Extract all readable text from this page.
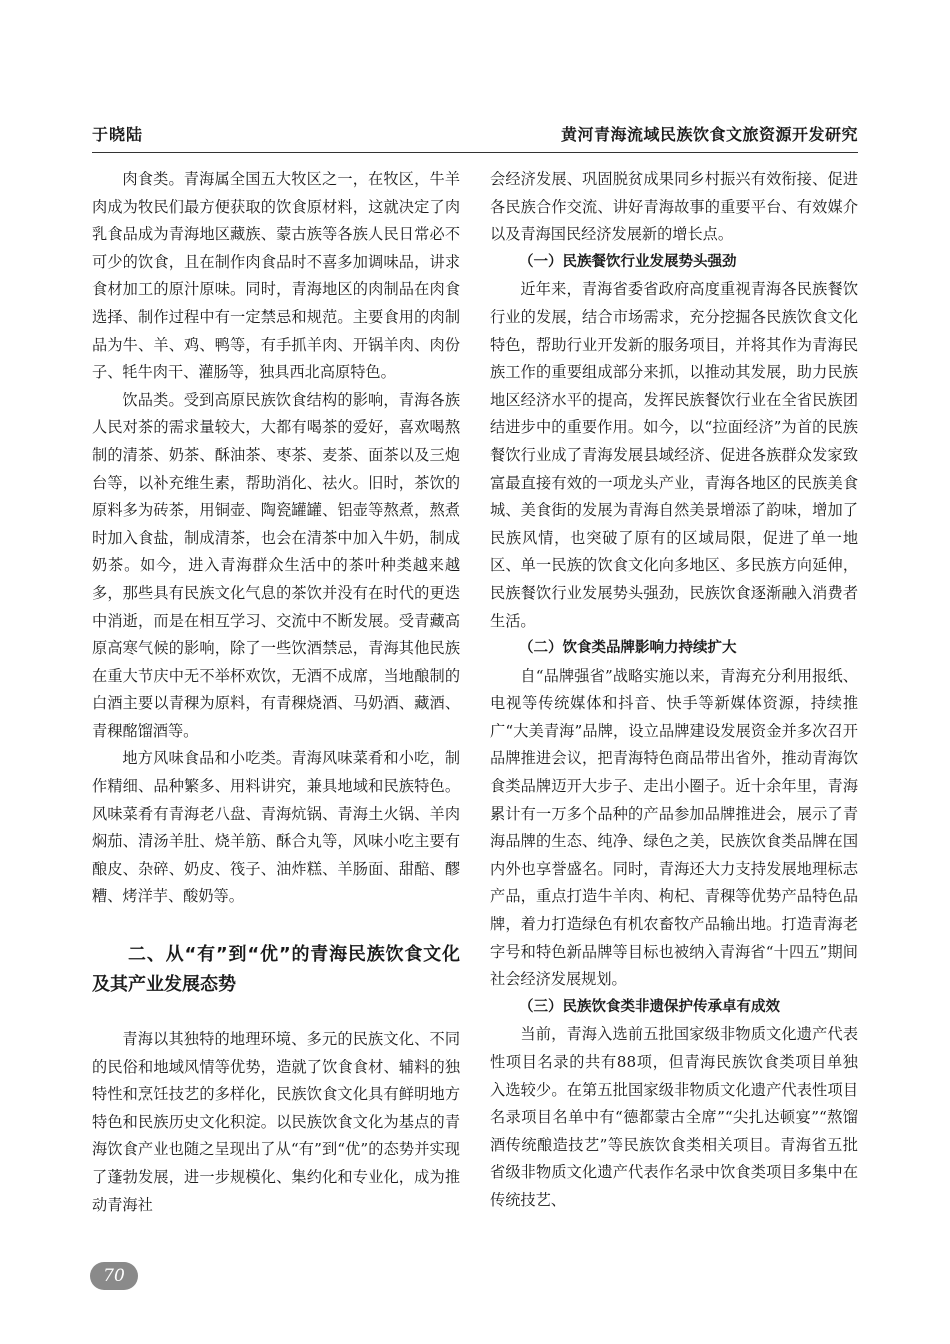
于晓陆	黄河青海流域民族饮食文旅资源开发研究

肉食类。青海属全国五大牧区之一，在牧区，牛羊肉成为牧民们最方便获取的饮食原材料，这就决定了肉乳食品成为青海地区藏族、蒙古族等各族人民日常必不可少的饮食，且在制作肉食品时不喜多加调味品，讲求食材加工的原汁原味。同时，青海地区的肉制品在肉食选择、制作过程中有一定禁忌和规范。主要食用的肉制品为牛、羊、鸡、鸭等，有手抓羊肉、开锅羊肉、肉份子、牦牛肉干、灌肠等，独具西北高原特色。

饮品类。受到高原民族饮食结构的影响，青海各族人民对茶的需求量较大，大都有喝茶的爱好，喜欢喝熬制的清茶、奶茶、酥油茶、枣茶、麦茶、面茶以及三炮台等，以补充维生素，帮助消化、祛火。旧时，茶饮的原料多为砖茶，用铜壶、陶瓷罐罐、铝壶等熬煮，熬煮时加入食盐，制成清茶，也会在清茶中加入牛奶，制成奶茶。如今，进入青海群众生活中的茶叶种类越来越多，那些具有民族文化气息的茶饮并没有在时代的更迭中消逝，而是在相互学习、交流中不断发展。受青藏高原高寒气候的影响，除了一些饮酒禁忌，青海其他民族在重大节庆中无不举杯欢饮，无酒不成席，当地酿制的白酒主要以青稞为原料，有青稞烧酒、马奶酒、藏酒、青稞酩馏酒等。

地方风味食品和小吃类。青海风味菜肴和小吃，制作精细、品种繁多、用料讲究，兼具地域和民族特色。风味菜肴有青海老八盘、青海炕锅、青海土火锅、羊肉焖茄、清汤羊肚、烧羊筋、酥合丸等，风味小吃主要有酿皮、杂碎、奶皮、筏子、油炸糕、羊肠面、甜醅、醪糟、烤洋芋、酸奶等。

二、从“有”到“优”的青海民族饮食文化及其产业发展态势

青海以其独特的地理环境、多元的民族文化、不同的民俗和地域风情等优势，造就了饮食食材、辅料的独特性和烹饪技艺的多样化，民族饮食文化具有鲜明地方特色和民族历史文化积淀。以民族饮食文化为基点的青海饮食产业也随之呈现出了从“有”到“优”的态势并实现了蓬勃发展，进一步规模化、集约化和专业化，成为推动青海社

会经济发展、巩固脱贫成果同乡村振兴有效衔接、促进各民族合作交流、讲好青海故事的重要平台、有效媒介以及青海国民经济发展新的增长点。

（一）民族餐饮行业发展势头强劲

近年来，青海省委省政府高度重视青海各民族餐饮行业的发展，结合市场需求，充分挖掘各民族饮食文化特色，帮助行业开发新的服务项目，并将其作为青海民族工作的重要组成部分来抓，以推动其发展，助力民族地区经济水平的提高，发挥民族餐饮行业在全省民族团结进步中的重要作用。如今，以“拉面经济”为首的民族餐饮行业成了青海发展县域经济、促进各族群众发家致富最直接有效的一项龙头产业，青海各地区的民族美食城、美食街的发展为青海自然美景增添了韵味，增加了民族风情，也突破了原有的区域局限，促进了单一地区、单一民族的饮食文化向多地区、多民族方向延伸，民族餐饮行业发展势头强劲，民族饮食逐渐融入消费者生活。

（二）饮食类品牌影响力持续扩大

自“品牌强省”战略实施以来，青海充分利用报纸、电视等传统媒体和抖音、快手等新媒体资源，持续推广“大美青海”品牌，设立品牌建设发展资金并多次召开品牌推进会议，把青海特色商品带出省外，推动青海饮食类品牌迈开大步子、走出小圈子。近十余年里，青海累计有一万多个品种的产品参加品牌推进会，展示了青海品牌的生态、纯净、绿色之美，民族饮食类品牌在国内外也享誉盛名。同时，青海还大力支持发展地理标志产品，重点打造牛羊肉、枸杞、青稞等优势产品特色品牌，着力打造绿色有机农畜牧产品输出地。打造青海老字号和特色新品牌等目标也被纳入青海省“十四五”期间社会经济发展规划。

（三）民族饮食类非遗保护传承卓有成效

当前，青海入选前五批国家级非物质文化遗产代表性项目名录的共有88项，但青海民族饮食类项目单独入选较少。在第五批国家级非物质文化遗产代表性项目名录项目名单中有“德都蒙古全席”“尖扎达顿宴”“熬馏酒传统酿造技艺”等民族饮食类相关项目。青海省五批省级非物质文化遗产代表作名录中饮食类项目多集中在传统技艺、

70
